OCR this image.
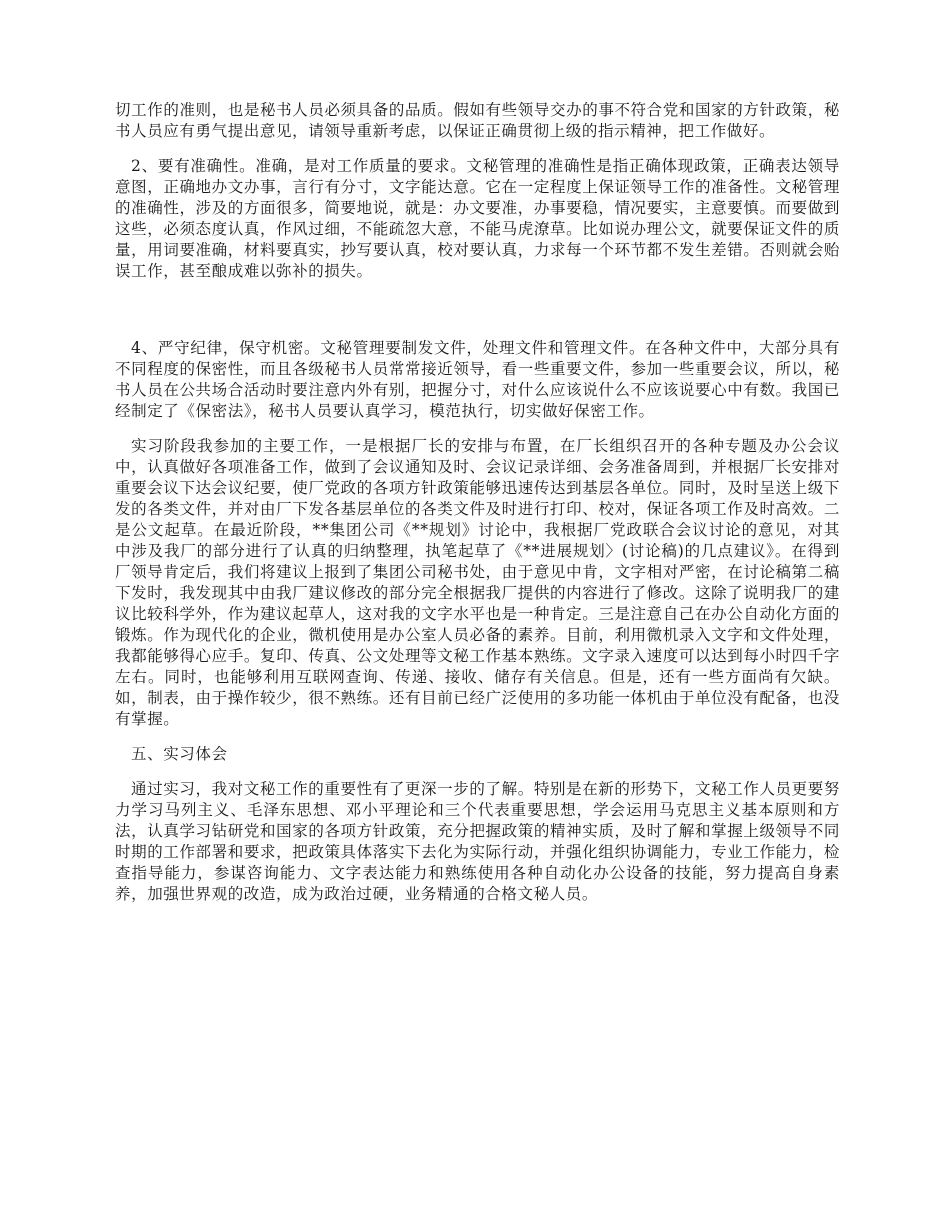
切工作的准则，也是秘书人员必须具备的品质。假如有些领导交办的事不符合党和国家的方针政策，秘书人员应有勇气提出意见，请领导重新考虑，以保证正确贯彻上级的指示精神，把工作做好。

2、要有准确性。准确，是对工作质量的要求。文秘管理的准确性是指正确体现政策，正确表达领导意图，正确地办文办事，言行有分寸，文字能达意。它在一定程度上保证领导工作的准备性。文秘管理的准确性，涉及的方面很多，简要地说，就是：办文要准，办事要稳，情况要实，主意要慎。而要做到这些，必须态度认真，作风过细，不能疏忽大意，不能马虎潦草。比如说办理公文，就要保证文件的质量，用词要准确，材料要真实，抄写要认真，校对要认真，力求每一个环节都不发生差错。否则就会贻误工作，甚至酿成难以弥补的损失。

4、严守纪律，保守机密。文秘管理要制发文件，处理文件和管理文件。在各种文件中，大部分具有不同程度的保密性，而且各级秘书人员常常接近领导，看一些重要文件，参加一些重要会议，所以，秘书人员在公共场合活动时要注意内外有别，把握分寸，对什么应该说什么不应该说要心中有数。我国已经制定了《保密法》，秘书人员要认真学习，模范执行，切实做好保密工作。

实习阶段我参加的主要工作，一是根据厂长的安排与布置，在厂长组织召开的各种专题及办公会议中，认真做好各项准备工作，做到了会议通知及时、会议记录详细、会务准备周到，并根据厂长安排对重要会议下达会议纪要，使厂党政的各项方针政策能够迅速传达到基层各单位。同时，及时呈送上级下发的各类文件，并对由厂下发各基层单位的各类文件及时进行打印、校对，保证各项工作及时高效。二是公文起草。在最近阶段，**集团公司《**规划》讨论中，我根据厂党政联合会议讨论的意见，对其中涉及我厂的部分进行了认真的归纳整理，执笔起草了《**进展规划〉(讨论稿)的几点建议》。在得到厂领导肯定后，我们将建议上报到了集团公司秘书处，由于意见中肯，文字相对严密，在讨论稿第二稿下发时，我发现其中由我厂建议修改的部分完全根据我厂提供的内容进行了修改。这除了说明我厂的建议比较科学外，作为建议起草人，这对我的文字水平也是一种肯定。三是注意自己在办公自动化方面的锻炼。作为现代化的企业，微机使用是办公室人员必备的素养。目前，利用微机录入文字和文件处理，我都能够得心应手。复印、传真、公文处理等文秘工作基本熟练。文字录入速度可以达到每小时四千字左右。同时，也能够利用互联网查询、传递、接收、储存有关信息。但是，还有一些方面尚有欠缺。如，制表，由于操作较少，很不熟练。还有目前已经广泛使用的多功能一体机由于单位没有配备，也没有掌握。

五、实习体会

通过实习，我对文秘工作的重要性有了更深一步的了解。特别是在新的形势下，文秘工作人员更要努力学习马列主义、毛泽东思想、邓小平理论和三个代表重要思想，学会运用马克思主义基本原则和方法，认真学习钻研党和国家的各项方针政策，充分把握政策的精神实质，及时了解和掌握上级领导不同时期的工作部署和要求，把政策具体落实下去化为实际行动，并强化组织协调能力，专业工作能力，检查指导能力，参谋咨询能力、文字表达能力和熟练使用各种自动化办公设备的技能，努力提高自身素养，加强世界观的改造，成为政治过硬，业务精通的合格文秘人员。
